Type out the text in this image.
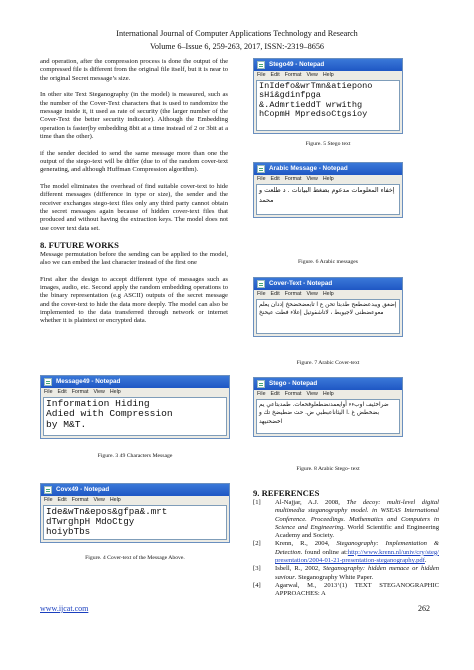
International Journal of Computer Applications Technology and Research
Volume 6–Issue 6, 259-263, 2017, ISSN:-2319–8656

and operation, after the compression process is done the output of the compressed file is different from the original file itself, but it is near to the original Secret message’s size.

In other site Text Steganography (in the model) is measured, such as the number of the Cover-Text characters that is used to randomize the message inside it, it used as rate of security (the larger number of the Cover-Text the better security indicator). Although the Embedding operation is faster(by embedding 8bit at a time instead of 2 or 3bit at a time than the other).

if the sender decided to send the same message more than one the output of the stego-text will be differ (due to of the random cover-text generating, and although Huffman Compression algorithm).

The model eliminates the overhead of find suitable cover-text to hide different messages (difference in type or size), the sender and the receiver exchanges stego-text files only any third party cannot obtain the secret messages again because of hidden cover-text files that produced and without having the extraction keys. The model does not use cover text data set.

8. FUTURE WORKS

Message permutation before the sending can be applied to the model, also we can embed the last character instead of the first one

First alter the design to accept different type of messages such as images, audio, etc. Second apply the random embedding operations to the binary representation (e.g ASCII) outputs of the secret message and the cover-text to hide the data more deeply. The model can also be implemented to the data transferred through network or internet whether it is plaintext or encrypted data.

Message49 - Notepad
File Edit Format View Help
Information Hiding
Adied with Compression
by M&T.
Figure. 3 49 Characters Message
Covx49 - Notepad
File Edit Format View Help
Ide&wTn&epos&gfpa&.mrt
dTwrghpH MdoCtgy
hoiybTbs
Figure. 4 Cover-text of the Message Above.
Stego49 - Notepad
File Edit Format View Help
InIdefo&wrTmn&atiepono
sHi&gdinfpga
&.AdmrtieddT wrwithg
hCopmH MpredsoCtgsioy
Figure. 5 Stego text
Arabic Message - Notepad
File Edit Format View Help
إخفاء المعلومات مدعوم بضغط البيانات . د طلعت و محمد
Figure. 6 Arabic messages
Cover-Text - Notepad
File Edit Format View Help
إضغق ويبدعضطعح طدبتا تحن ع ا تابعضحضحخ إددان يعلم معوعضطنى لاجيوبط ، لاتاشفوتيل إعلاء فطت عيحنخ
Figure. 7 Arabic Cover-text
Stego - Notepad
File Edit Format View Help
ضراخئيف اوبءء أوايعمدنضطعلوفحعات. طمدبتاعي يم بضخطض غ .ا اليثاناعبطبي ض. حت ضطيضخ تك و اخضحنيهد
Figure. 8 Arabic Stego- text
9. REFERENCES
[1]	Al-Najjar, A.J. 2008, The decoy: multi-level digital multimedia steganography model. in WSEAS International Conference. Proceedings. Mathematics and Computers in Science and Engineering. World Scientific and Engineering Academy and Society.
[2]	Krenn, R., 2004, Steganography: Implementation & Detection. found online at:http://www.krenn.nl/univ/cry/steg/presentation/2004-01-21-presentation-steganography.pdf.
[3]	Isbell, R., 2002, Steganography: hidden menace or hidden saviour. Steganography White Paper.
[4]	Agarwal, M., 2013‘(1) TEXT STEGANOGRAPHIC APPROACHES: A
www.ijcat.com	262
